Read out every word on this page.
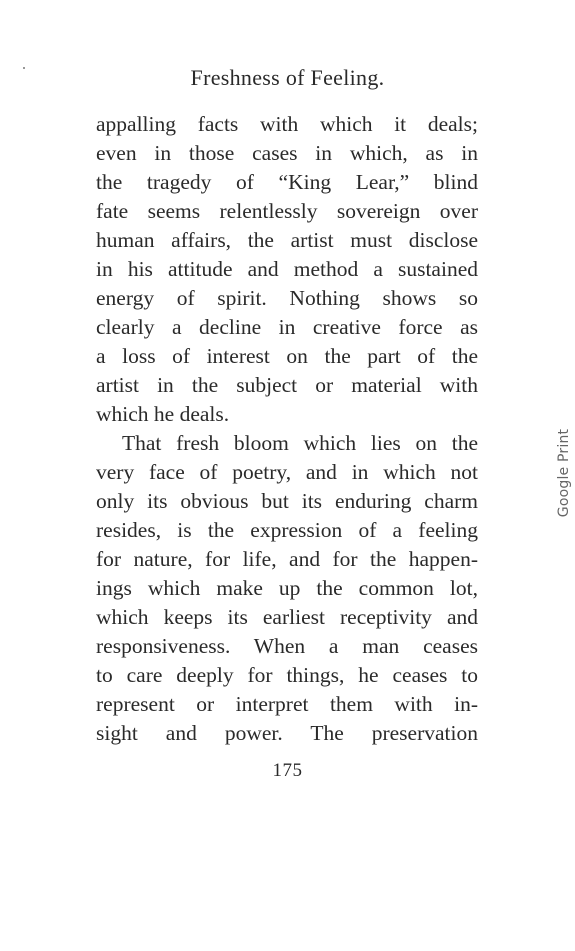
Freshness of Feeling.
appalling facts with which it deals;
even in those cases in which, as in
the tragedy of “King Lear,” blind
fate seems relentlessly sovereign over
human affairs, the artist must disclose
in his attitude and method a sustained
energy of spirit. Nothing shows so
clearly a decline in creative force as
a loss of interest on the part of the
artist in the subject or material with
which he deals.
That fresh bloom which lies on the
very face of poetry, and in which not
only its obvious but its enduring charm
resides, is the expression of a feeling
for nature, for life, and for the happen-
ings which make up the common lot,
which keeps its earliest receptivity and
responsiveness. When a man ceases
to care deeply for things, he ceases to
represent or interpret them with in-
sight and power. The preservation
175
Google Print
